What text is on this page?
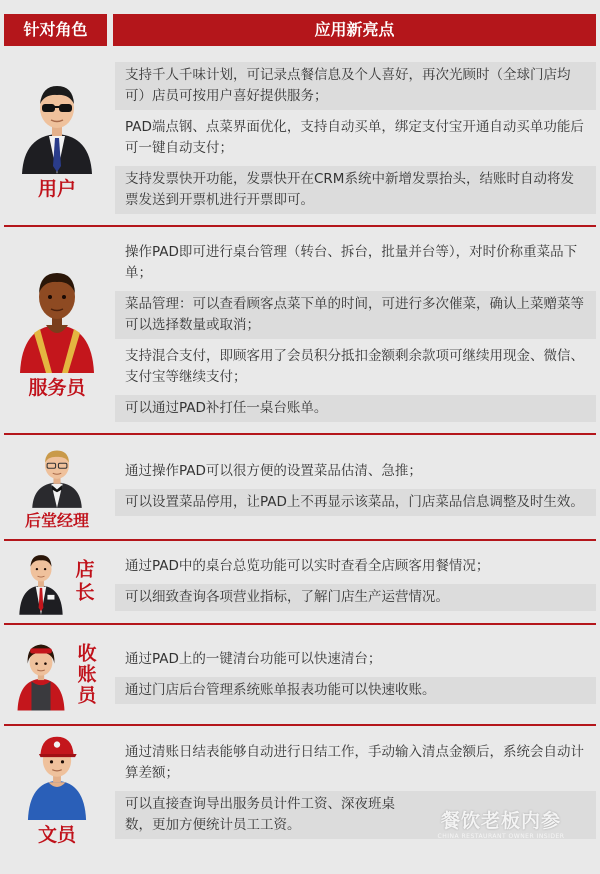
针对角色	应用新亮点
用户
支持千人千味计划，可记录点餐信息及个人喜好，再次光顾时（全球门店均可）店员可按用户喜好提供服务；
PAD端点钢、点菜界面优化，支持自动买单，绑定支付宝开通自动买单功能后可一键自动支付；
支持发票快开功能，发票快开在CRM系统中新增发票抬头，结账时自动将发票发送到开票机进行开票即可。
服务员
操作PAD即可进行桌台管理（转台、拆台，批量并台等），对时价称重菜品下单；
菜品管理：可以查看顾客点菜下单的时间，可进行多次催菜，确认上菜赠菜等可以选择数量或取消；
支持混合支付，即顾客用了会员积分抵扣金额剩余款项可继续用现金、微信、支付宝等继续支付；
可以通过PAD补打任一桌台账单。
后堂经理
通过操作PAD可以很方便的设置菜品估清、急推；
可以设置菜品停用，让PAD上不再显示该菜品，门店菜品信息调整及时生效。
店长	通过PAD中的桌台总览功能可以实时查看全店顾客用餐情况；
可以细致查询各项营业指标，了解门店生产运营情况。
收账员	通过PAD上的一键清台功能可以快速清台；
通过门店后台管理系统账单报表功能可以快速收账。
文员
通过清账日结表能够自动进行日结工作，手动输入清点金额后，系统会自动计算差额；
可以直接查询导出服务员计件工资、深夜班桌数，更加方便统计员工工资。	餐饮老板内参
CHINA RESTAURANT OWNER INSIDER
